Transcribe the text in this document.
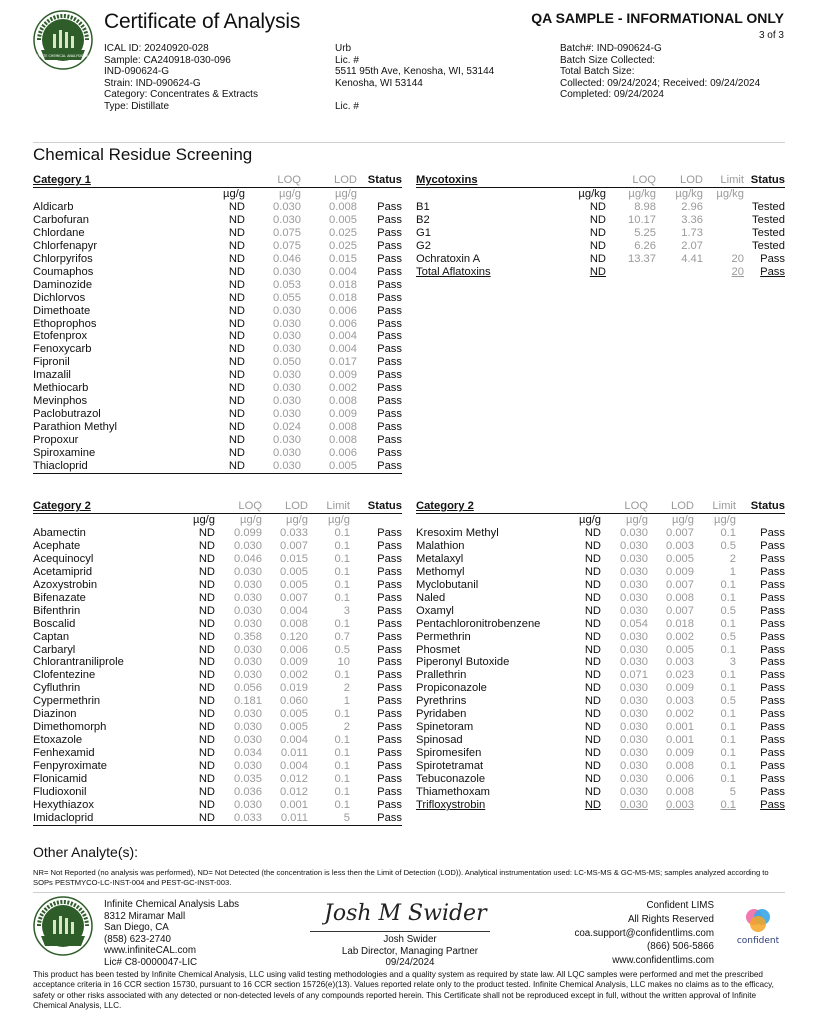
INFINITE CHEMICAL ANALYSIS LABS
Certificate of Analysis	QA SAMPLE - INFORMATIONAL ONLY
3 of 3
ICAL ID: 20240920-028
Sample: CA240918-030-096
IND-090624-G
Strain: IND-090624-G
Category: Concentrates & Extracts
Type: Distillate
Urb
Lic. #
5511 95th Ave, Kenosha, WI, 53144
Kenosha, WI 53144
Lic. #
Batch#: IND-090624-G
Batch Size Collected:
Total Batch Size:
Collected: 09/24/2024; Received: 09/24/2024
Completed: 09/24/2024
Chemical Residue Screening
Category 1		LOQ	LOD	Status
	µg/g	µg/g	µg/g	
Aldicarb	ND	0.030	0.008	Pass
Carbofuran	ND	0.030	0.005	Pass
Chlordane	ND	0.075	0.025	Pass
Chlorfenapyr	ND	0.075	0.025	Pass
Chlorpyrifos	ND	0.046	0.015	Pass
Coumaphos	ND	0.030	0.004	Pass
Daminozide	ND	0.053	0.018	Pass
Dichlorvos	ND	0.055	0.018	Pass
Dimethoate	ND	0.030	0.006	Pass
Ethoprophos	ND	0.030	0.006	Pass
Etofenprox	ND	0.030	0.004	Pass
Fenoxycarb	ND	0.030	0.004	Pass
Fipronil	ND	0.050	0.017	Pass
Imazalil	ND	0.030	0.009	Pass
Methiocarb	ND	0.030	0.002	Pass
Mevinphos	ND	0.030	0.008	Pass
Paclobutrazol	ND	0.030	0.009	Pass
Parathion Methyl	ND	0.024	0.008	Pass
Propoxur	ND	0.030	0.008	Pass
Spiroxamine	ND	0.030	0.006	Pass
Thiacloprid	ND	0.030	0.005	Pass
Mycotoxins		LOQ	LOD	Limit	Status
	µg/kg	µg/kg	µg/kg	µg/kg	
B1	ND	8.98	2.96		Tested
B2	ND	10.17	3.36		Tested
G1	ND	5.25	1.73		Tested
G2	ND	6.26	2.07		Tested
Ochratoxin A	ND	13.37	4.41	20	Pass
Total Aflatoxins	ND			20	Pass
Category 2		LOQ	LOD	Limit	Status
	µg/g	µg/g	µg/g	µg/g	
Abamectin	ND	0.099	0.033	0.1	Pass
Acephate	ND	0.030	0.007	0.1	Pass
Acequinocyl	ND	0.046	0.015	0.1	Pass
Acetamiprid	ND	0.030	0.005	0.1	Pass
Azoxystrobin	ND	0.030	0.005	0.1	Pass
Bifenazate	ND	0.030	0.007	0.1	Pass
Bifenthrin	ND	0.030	0.004	3	Pass
Boscalid	ND	0.030	0.008	0.1	Pass
Captan	ND	0.358	0.120	0.7	Pass
Carbaryl	ND	0.030	0.006	0.5	Pass
Chlorantraniliprole	ND	0.030	0.009	10	Pass
Clofentezine	ND	0.030	0.002	0.1	Pass
Cyfluthrin	ND	0.056	0.019	2	Pass
Cypermethrin	ND	0.181	0.060	1	Pass
Diazinon	ND	0.030	0.005	0.1	Pass
Dimethomorph	ND	0.030	0.005	2	Pass
Etoxazole	ND	0.030	0.004	0.1	Pass
Fenhexamid	ND	0.034	0.011	0.1	Pass
Fenpyroximate	ND	0.030	0.004	0.1	Pass
Flonicamid	ND	0.035	0.012	0.1	Pass
Fludioxonil	ND	0.036	0.012	0.1	Pass
Hexythiazox	ND	0.030	0.001	0.1	Pass
Imidacloprid	ND	0.033	0.011	5	Pass
Category 2		LOQ	LOD	Limit	Status
	µg/g	µg/g	µg/g	µg/g	
Kresoxim Methyl	ND	0.030	0.007	0.1	Pass
Malathion	ND	0.030	0.003	0.5	Pass
Metalaxyl	ND	0.030	0.005	2	Pass
Methomyl	ND	0.030	0.009	1	Pass
Myclobutanil	ND	0.030	0.007	0.1	Pass
Naled	ND	0.030	0.008	0.1	Pass
Oxamyl	ND	0.030	0.007	0.5	Pass
Pentachloronitrobenzene	ND	0.054	0.018	0.1	Pass
Permethrin	ND	0.030	0.002	0.5	Pass
Phosmet	ND	0.030	0.005	0.1	Pass
Piperonyl Butoxide	ND	0.030	0.003	3	Pass
Prallethrin	ND	0.071	0.023	0.1	Pass
Propiconazole	ND	0.030	0.009	0.1	Pass
Pyrethrins	ND	0.030	0.003	0.5	Pass
Pyridaben	ND	0.030	0.002	0.1	Pass
Spinetoram	ND	0.030	0.001	0.1	Pass
Spinosad	ND	0.030	0.001	0.1	Pass
Spiromesifen	ND	0.030	0.009	0.1	Pass
Spirotetramat	ND	0.030	0.008	0.1	Pass
Tebuconazole	ND	0.030	0.006	0.1	Pass
Thiamethoxam	ND	0.030	0.008	5	Pass
Trifloxystrobin	ND	0.030	0.003	0.1	Pass
Other Analyte(s):
NR= Not Reported (no analysis was performed), ND= Not Detected (the concentration is less then the Limit of Detection (LOD)). Analytical instrumentation used: LC-MS-MS & GC-MS-MS; samples analyzed according to SOPs PESTMYCO-LC-INST-004 and PEST-GC-INST-003.
Infinite Chemical Analysis Labs
8312 Miramar Mall
San Diego, CA
(858) 623-2740
www.infiniteCAL.com
Lic# C8-0000047-LIC
Josh M Swider
Josh Swider
Lab Director, Managing Partner
09/24/2024
Confident LIMS
All Rights Reserved
coa.support@confidentlims.com
(866) 506-5866
www.confidentlims.com
confident
This product has been tested by Infinite Chemical Analysis, LLC using valid testing methodologies and a quality system as required by state law. All LQC samples were performed and met the prescribed acceptance criteria in 16 CCR section 15730, pursuant to 16 CCR section 15726(e)(13). Values reported relate only to the product tested. Infinite Chemical Analysis, LLC makes no claims as to the efficacy, safety or other risks associated with any detected or non-detected levels of any compounds reported herein. This Certificate shall not be reproduced except in full, without the written approval of Infinite Chemical Analysis, LLC.
